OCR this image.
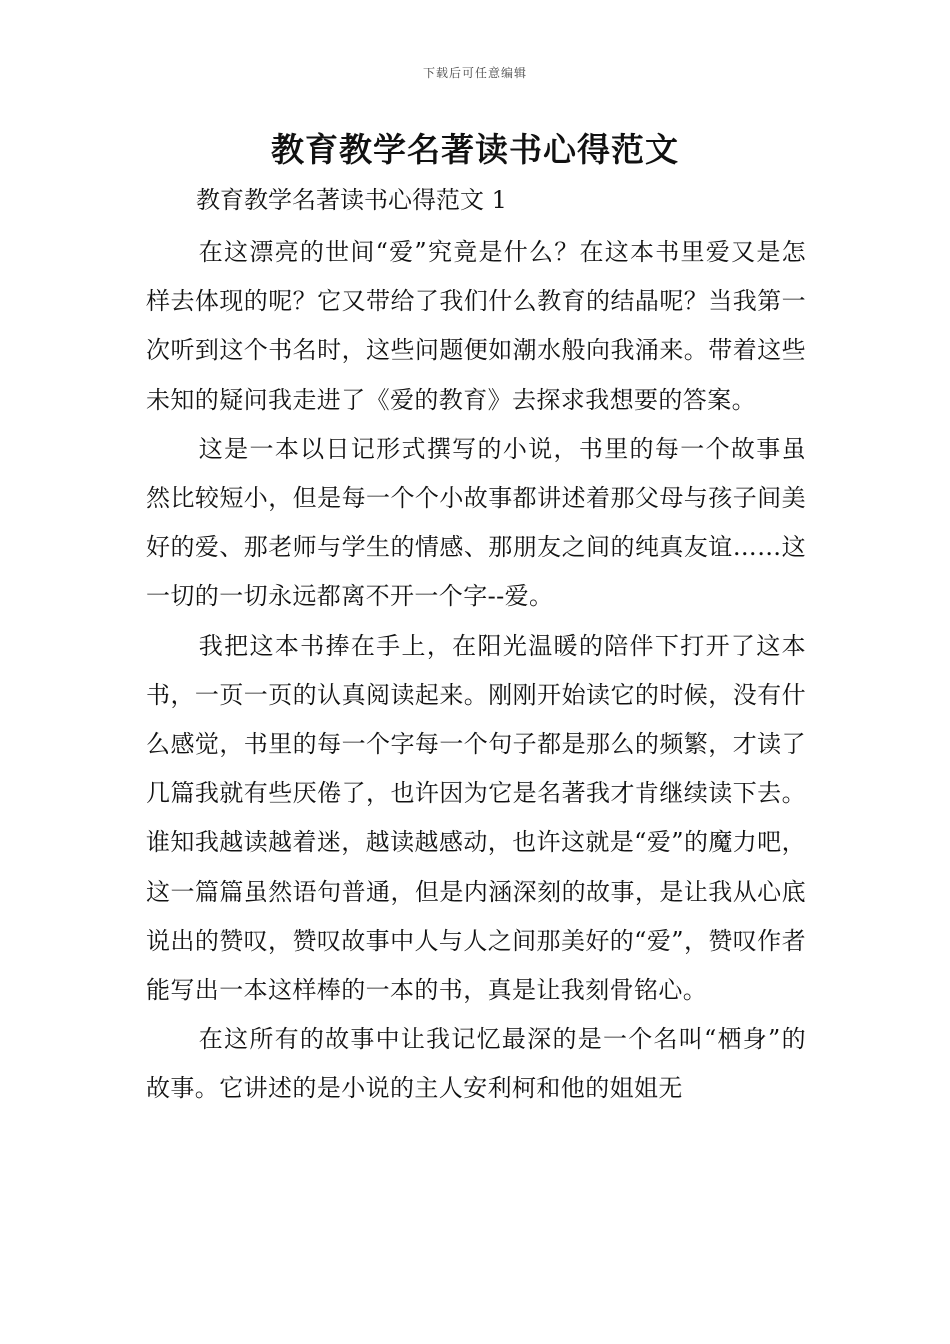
下载后可任意编辑
教育教学名著读书心得范文
教育教学名著读书心得范文 1

在这漂亮的世间“爱”究竟是什么？在这本书里爱又是怎样去体现的呢？它又带给了我们什么教育的结晶呢？当我第一次听到这个书名时，这些问题便如潮水般向我涌来。带着这些未知的疑问我走进了《爱的教育》去探求我想要的答案。

这是一本以日记形式撰写的小说，书里的每一个故事虽然比较短小，但是每一个个小故事都讲述着那父母与孩子间美好的爱、那老师与学生的情感、那朋友之间的纯真友谊……这一切的一切永远都离不开一个字--爱。

我把这本书捧在手上，在阳光温暖的陪伴下打开了这本书，一页一页的认真阅读起来。刚刚开始读它的时候，没有什么感觉，书里的每一个字每一个句子都是那么的频繁，才读了几篇我就有些厌倦了，也许因为它是名著我才肯继续读下去。谁知我越读越着迷，越读越感动，也许这就是“爱”的魔力吧，这一篇篇虽然语句普通，但是内涵深刻的故事，是让我从心底说出的赞叹，赞叹故事中人与人之间那美好的“爱”，赞叹作者能写出一本这样棒的一本的书，真是让我刻骨铭心。

在这所有的故事中让我记忆最深的是一个名叫“栖身”的故事。它讲述的是小说的主人安利柯和他的姐姐无
